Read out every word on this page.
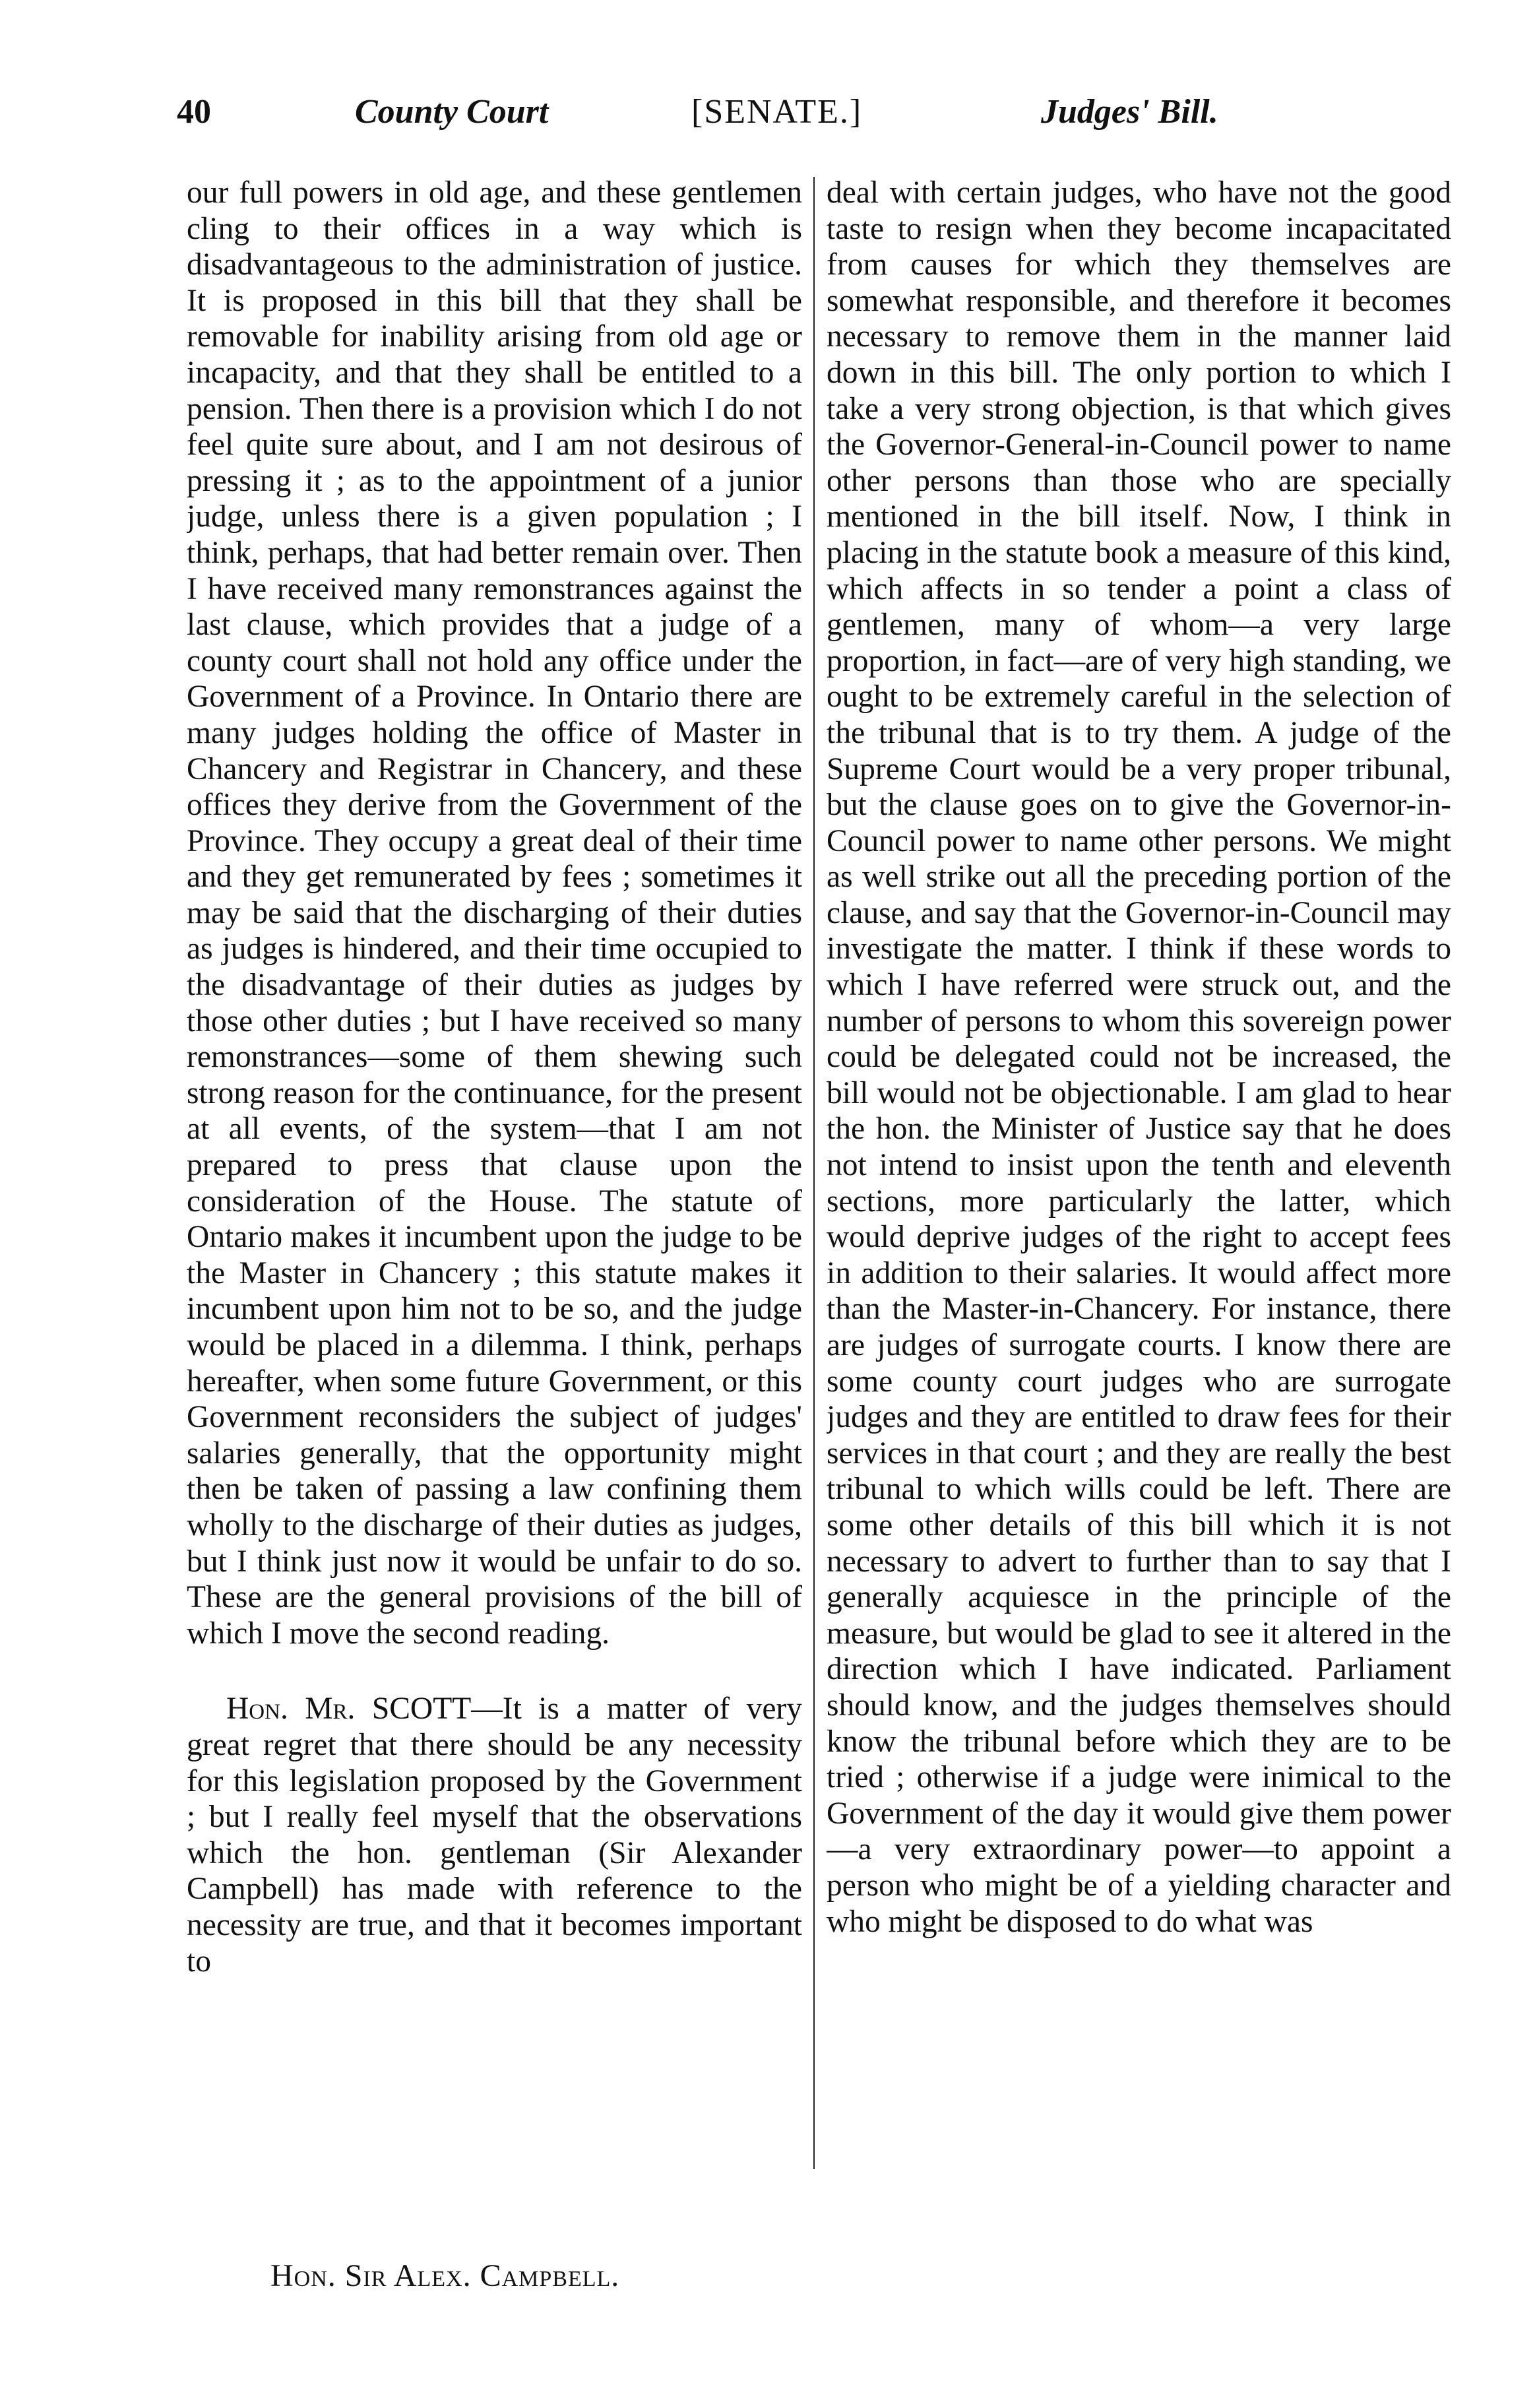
40	County Court	[SENATE.]	Judges' Bill.

our full powers in old age, and these gentlemen cling to their offices in a way which is disadvantageous to the administration of justice. It is proposed in this bill that they shall be removable for inability arising from old age or incapacity, and that they shall be entitled to a pension. Then there is a provision which I do not feel quite sure about, and I am not desirous of pressing it ; as to the appointment of a junior judge, unless there is a given population ; I think, perhaps, that had better remain over. Then I have received many remonstrances against the last clause, which provides that a judge of a county court shall not hold any office under the Government of a Province. In Ontario there are many judges holding the office of Master in Chancery and Registrar in Chancery, and these offices they derive from the Government of the Province. They occupy a great deal of their time and they get remunerated by fees ; sometimes it may be said that the discharging of their duties as judges is hindered, and their time occupied to the disadvantage of their duties as judges by those other duties ; but I have received so many remonstrances—some of them shewing such strong reason for the continuance, for the present at all events, of the system—that I am not prepared to press that clause upon the consideration of the House. The statute of Ontario makes it incumbent upon the judge to be the Master in Chancery ; this statute makes it incumbent upon him not to be so, and the judge would be placed in a dilemma. I think, perhaps hereafter, when some future Government, or this Government reconsiders the subject of judges' salaries generally, that the opportunity might then be taken of passing a law confining them wholly to the discharge of their duties as judges, but I think just now it would be unfair to do so. These are the general provisions of the bill of which I move the second reading.

Hon. Mr. SCOTT—It is a matter of very great regret that there should be any necessity for this legislation proposed by the Government ; but I really feel myself that the observations which the hon. gentleman (Sir Alexander Campbell) has made with reference to the necessity are true, and that it becomes important to

deal with certain judges, who have not the good taste to resign when they become incapacitated from causes for which they themselves are somewhat responsible, and therefore it becomes necessary to remove them in the manner laid down in this bill. The only portion to which I take a very strong objection, is that which gives the Governor-General-in-Council power to name other persons than those who are specially mentioned in the bill itself. Now, I think in placing in the statute book a measure of this kind, which affects in so tender a point a class of gentlemen, many of whom—a very large proportion, in fact—are of very high standing, we ought to be extremely careful in the selection of the tribunal that is to try them. A judge of the Supreme Court would be a very proper tribunal, but the clause goes on to give the Governor-in-Council power to name other persons. We might as well strike out all the preceding portion of the clause, and say that the Governor-in-Council may investigate the matter. I think if these words to which I have referred were struck out, and the number of persons to whom this sovereign power could be delegated could not be increased, the bill would not be objectionable. I am glad to hear the hon. the Minister of Justice say that he does not intend to insist upon the tenth and eleventh sections, more particularly the latter, which would deprive judges of the right to accept fees in addition to their salaries. It would affect more than the Master-in-Chancery. For instance, there are judges of surrogate courts. I know there are some county court judges who are surrogate judges and they are entitled to draw fees for their services in that court ; and they are really the best tribunal to which wills could be left. There are some other details of this bill which it is not necessary to advert to further than to say that I generally acquiesce in the principle of the measure, but would be glad to see it altered in the direction which I have indicated. Parliament should know, and the judges themselves should know the tribunal before which they are to be tried ; otherwise if a judge were inimical to the Government of the day it would give them power—a very extraordinary power—to appoint a person who might be of a yielding character and who might be disposed to do what was

Hon. Sir Alex. Campbell.
